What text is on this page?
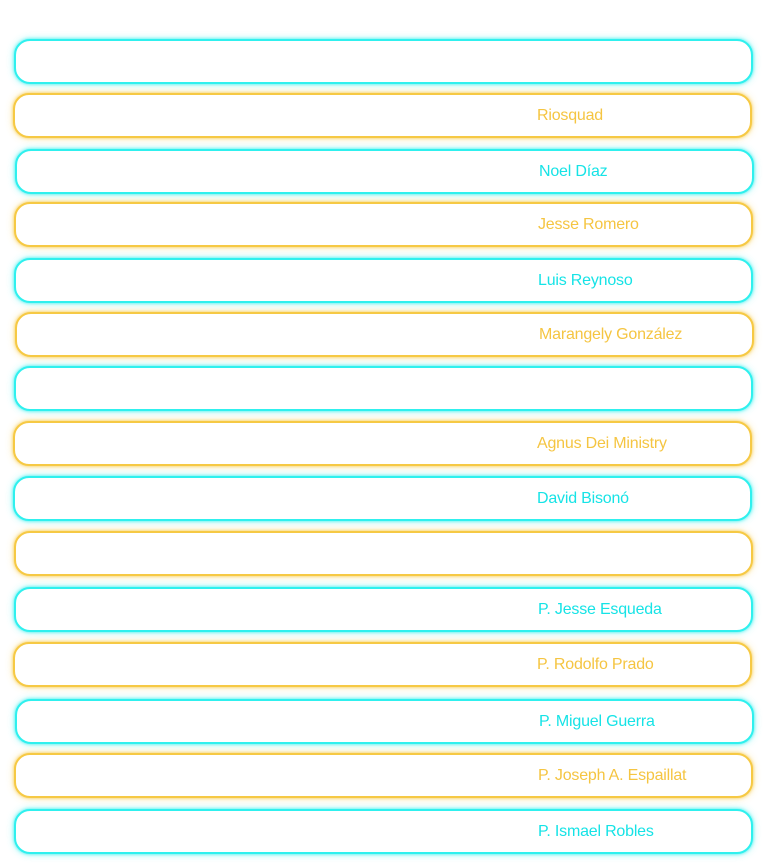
Riosquad
Noel Díaz
Jesse Romero
Luis Reynoso
Marangely González
Agnus Dei Ministry
David Bisonó
P. Jesse Esqueda
P. Rodolfo Prado
P. Miguel Guerra
P. Joseph A. Espaillat
P. Ismael Robles
